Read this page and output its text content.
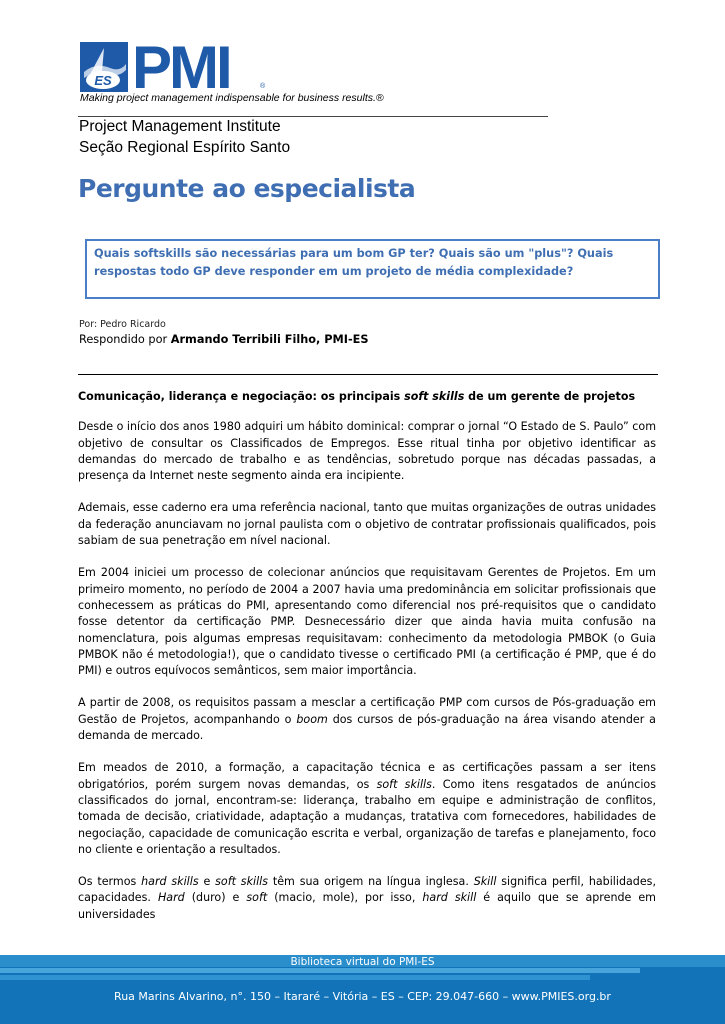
ES PMI	®
Making project management indispensable for business results.®
Project Management Institute
Seção Regional Espírito Santo
Pergunte ao especialista

Quais softskills são necessárias para um bom GP ter? Quais são um "plus"? Quais respostas todo GP deve responder em um projeto de média complexidade?

Por: Pedro Ricardo
Respondido por Armando Terribili Filho, PMI-ES

Comunicação, liderança e negociação: os principais soft skills de um gerente de projetos

Desde o início dos anos 1980 adquiri um hábito dominical: comprar o jornal “O Estado de S. Paulo” com objetivo de consultar os Classificados de Empregos. Esse ritual tinha por objetivo identificar as demandas do mercado de trabalho e as tendências, sobretudo porque nas décadas passadas, a presença da Internet neste segmento ainda era incipiente.

Ademais, esse caderno era uma referência nacional, tanto que muitas organizações de outras unidades da federação anunciavam no jornal paulista com o objetivo de contratar profissionais qualificados, pois sabiam de sua penetração em nível nacional.

Em 2004 iniciei um processo de colecionar anúncios que requisitavam Gerentes de Projetos. Em um primeiro momento, no período de 2004 a 2007 havia uma predominância em solicitar profissionais que conhecessem as práticas do PMI, apresentando como diferencial nos pré-requisitos que o candidato fosse detentor da certificação PMP. Desnecessário dizer que ainda havia muita confusão na nomenclatura, pois algumas empresas requisitavam: conhecimento da metodologia PMBOK (o Guia PMBOK não é metodologia!), que o candidato tivesse o certificado PMI (a certificação é PMP, que é do PMI) e outros equívocos semânticos, sem maior importância.

A partir de 2008, os requisitos passam a mesclar a certificação PMP com cursos de Pós-graduação em Gestão de Projetos, acompanhando o boom dos cursos de pós-graduação na área visando atender a demanda de mercado.

Em meados de 2010, a formação, a capacitação técnica e as certificações passam a ser itens obrigatórios, porém surgem novas demandas, os soft skills. Como itens resgatados de anúncios classificados do jornal, encontram-se: liderança, trabalho em equipe e administração de conflitos, tomada de decisão, criatividade, adaptação a mudanças, tratativa com fornecedores, habilidades de negociação, capacidade de comunicação escrita e verbal, organização de tarefas e planejamento, foco no cliente e orientação a resultados.

Os termos hard skills e soft skills têm sua origem na língua inglesa. Skill significa perfil, habilidades, capacidades. Hard (duro) e soft (macio, mole), por isso, hard skill é aquilo que se aprende em universidades

Biblioteca virtual do PMI-ES
Rua Marins Alvarino, n°. 150 – Itararé – Vitória – ES – CEP: 29.047-660 – www.PMIES.org.br
